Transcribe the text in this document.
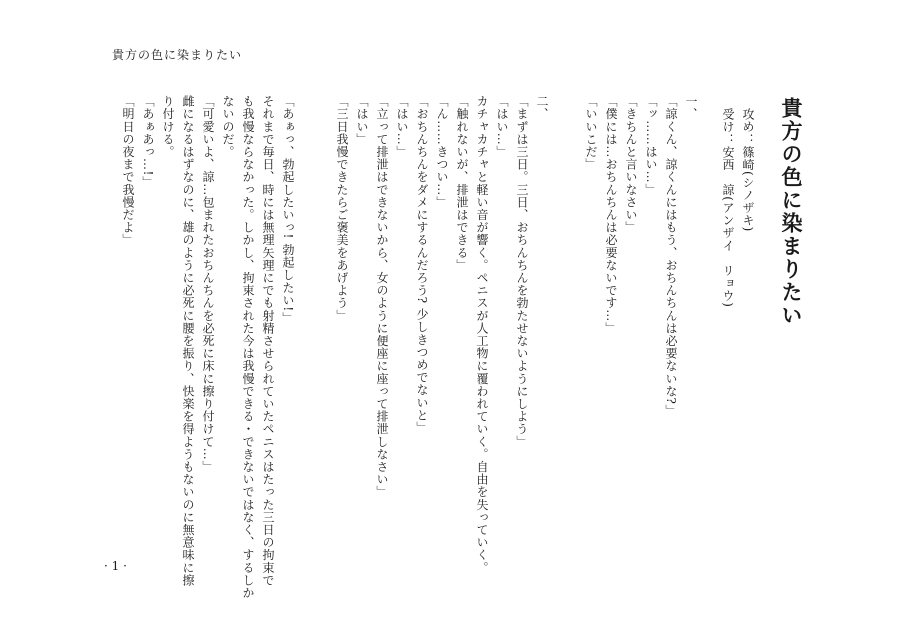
貴方の色に染まりたい
貴方の色に染まりたい
攻め：篠崎(シノザキ)
受け：安西　諒(アンザイ　リョウ)
一、
「諒くん、諒くんにはもう、おちんちんは必要ないな?」
「ッ……はい…」
「きちんと言いなさい」
「僕には…おちんちんは必要ないです…」
「いいこだ」
二、
「まずは三日。三日、おちんちんを勃たせないようにしよう」
「はい…」
カチャカチャと軽い音が響く。ペニスが人工物に覆われていく。自由を失っていく。
「触れないが、排泄はできる」
「ん……きつい…」
「おちんちんをダメにするんだろう? 少しきつめでないと」
「はい…」
「立って排泄はできないから、女のように便座に座って排泄しなさい」
「はい」
「三日我慢できたらご褒美をあげよう」
「あぁっ、勃起したいっ! 勃起したい!」
それまで毎日、時には無理矢理にでも射精させられていたペニスはたった三日の拘束で
も我慢ならなかった。しかし、拘束された今は我慢できる・できないではなく、するしか
ないのだ。
「可愛いよ、諒…包まれたおちんちんを必死に床に擦り付けて…」
雌になるはずなのに、雄のように必死に腰を振り、快楽を得ようもないのに無意味に擦
り付ける。
「あぁあっ…!」
「明日の夜まで我慢だよ」
· 1 ·
